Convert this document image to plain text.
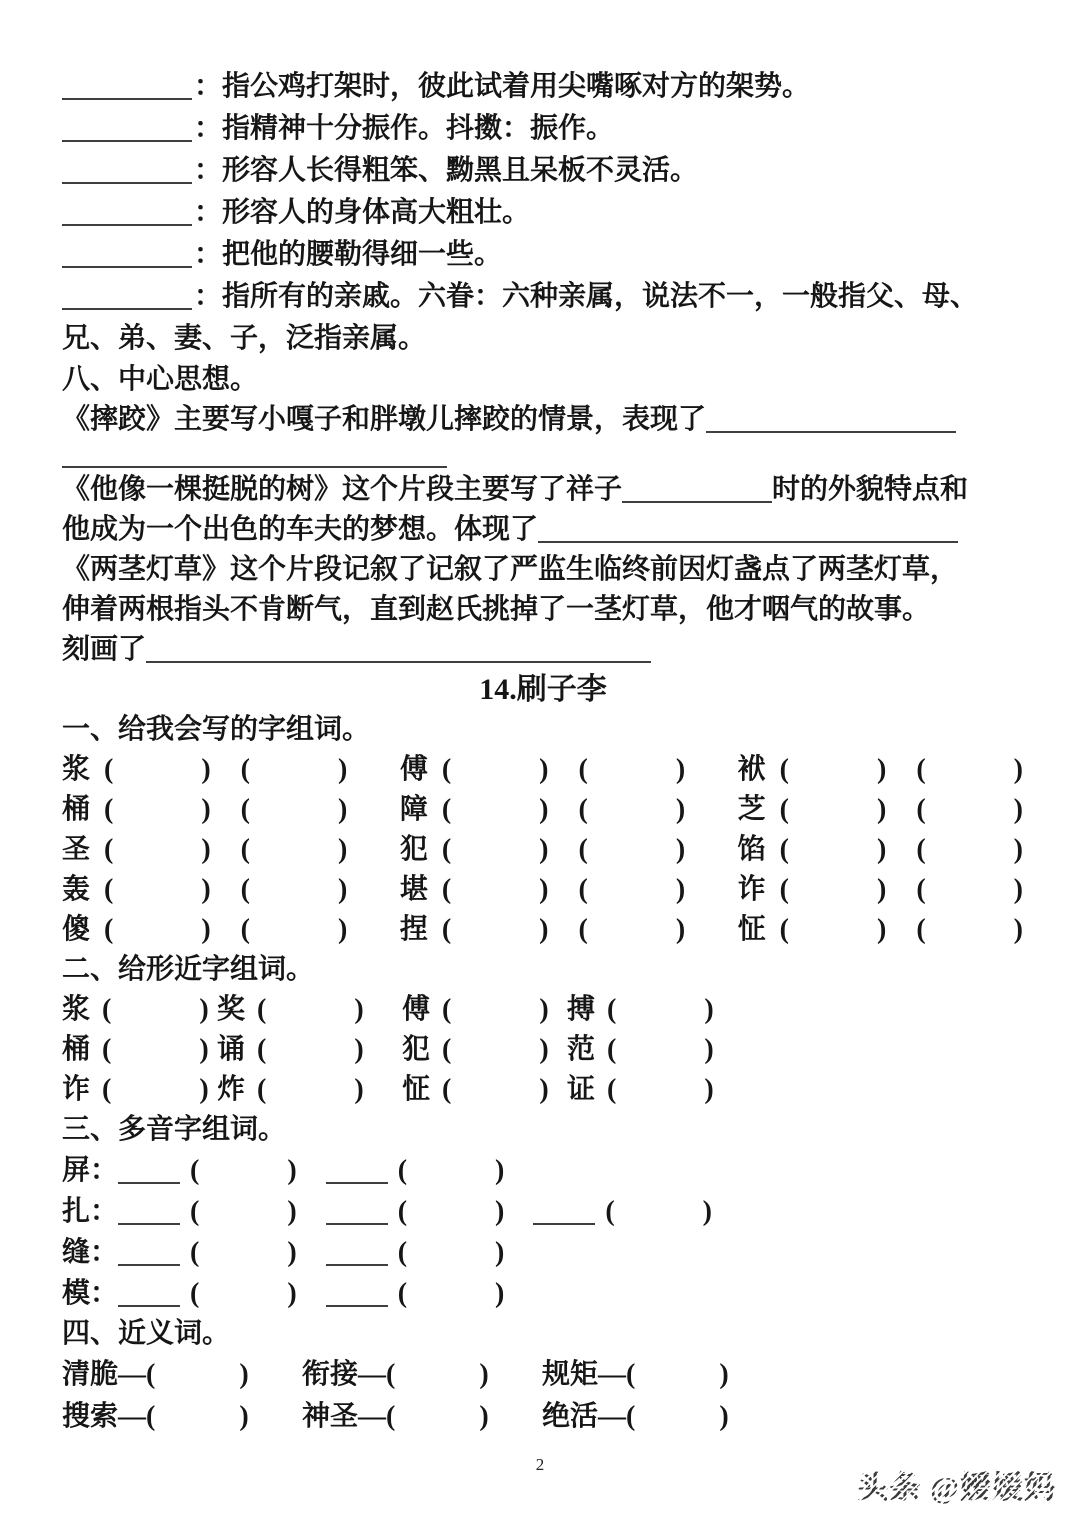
：指公鸡打架时，彼此试着用尖嘴啄对方的架势。
：指精神十分振作。抖擞：振作。
：形容人长得粗笨、黝黑且呆板不灵活。
：形容人的身体高大粗壮。
：把他的腰勒得细一些。
：指所有的亲戚。六眷：六种亲属，说法不一，一般指父、母、
兄、弟、妻、子，泛指亲属。
八、中心思想。
《摔跤》主要写小嘎子和胖墩儿摔跤的情景，表现了
《他像一棵挺脱的树》这个片段主要写了祥子	时的外貌特点和
他成为一个出色的车夫的梦想。体现了
《两茎灯草》这个片段记叙了记叙了严监生临终前因灯盏点了两茎灯草，
伸着两根指头不肯断气，直到赵氏挑掉了一茎灯草，他才咽气的故事。
刻画了
14.刷子李
一、给我会写的字组词。
浆 (　　　)　(　　　)	傅 (　　　)　(　　　)	袱 (　　　)　(　　　)
桶 (　　　)　(　　　)	障 (　　　)　(　　　)	芝 (　　　)　(　　　)
圣 (　　　)　(　　　)	犯 (　　　)　(　　　)	馅 (　　　)　(　　　)
轰 (　　　)　(　　　)	堪 (　　　)　(　　　)	诈 (　　　)　(　　　)
傻 (　　　)　(　　　)	捏 (　　　)　(　　　)	怔 (　　　)　(　　　)
二、给形近字组词。
浆 (　　　) 奖 (　　　)	傅 (　　　) 搏 (　　　)
桶 (　　　) 诵 (　　　)	犯 (　　　) 范 (　　　)
诈 (　　　) 炸 (　　　)	怔 (　　　) 证 (　　　)
三、多音字组词。
屏：	(　　　)	(　　　)
扎：	(　　　)	(　　　)	(　　　)
缝：	(　　　)	(　　　)
模：	(　　　)	(　　　)
四、近义词。
清脆—(　　　)	衔接—(　　　)	规矩—(　　　)
搜索—(　　　)	神圣—(　　　)	绝活—(　　　)
2
头条 @嫒嫒妈
